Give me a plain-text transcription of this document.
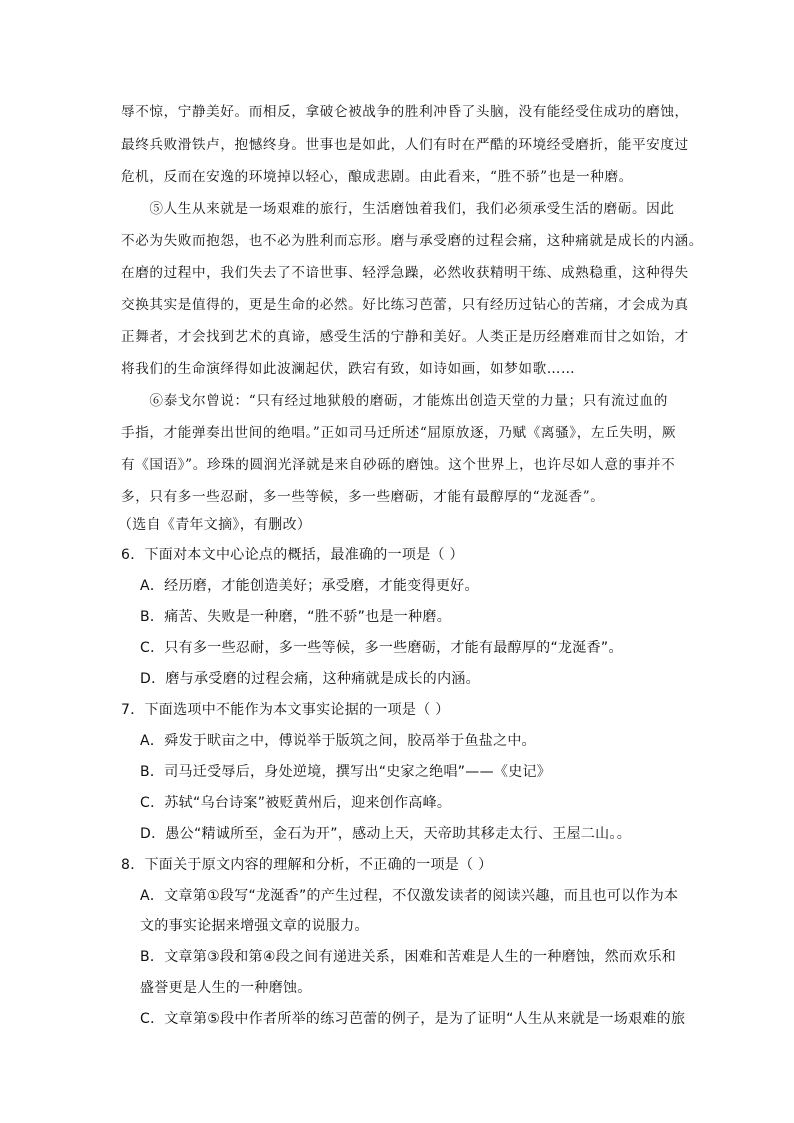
辱不惊，宁静美好。而相反，拿破仑被战争的胜利冲昏了头脑，没有能经受住成功的磨蚀，
最终兵败滑铁卢，抱憾终身。世事也是如此，人们有时在严酷的环境经受磨折，能平安度过
危机，反而在安逸的环境掉以轻心，酿成悲剧。由此看来，“胜不骄”也是一种磨。
　　⑤人生从来就是一场艰难的旅行，生活磨蚀着我们，我们必须承受生活的磨砺。因此
不必为失败而抱怨，也不必为胜利而忘形。磨与承受磨的过程会痛，这种痛就是成长的内涵。
在磨的过程中，我们失去了不谙世事、轻浮急躁，必然收获精明干练、成熟稳重，这种得失
交换其实是值得的，更是生命的必然。好比练习芭蕾，只有经历过钻心的苦痛，才会成为真
正舞者，才会找到艺术的真谛，感受生活的宁静和美好。人类正是历经磨难而甘之如饴，才
将我们的生命演绎得如此波澜起伏，跌宕有致，如诗如画，如梦如歌……
　　⑥泰戈尔曾说：“只有经过地狱般的磨砺，才能炼出创造天堂的力量；只有流过血的
手指，才能弹奏出世间的绝唱。”正如司马迁所述“屈原放逐，乃赋《离骚》，左丘失明，厥
有《国语》”。珍珠的圆润光泽就是来自砂砾的磨蚀。这个世界上，也许尽如人意的事并不
多，只有多一些忍耐，多一些等候，多一些磨砺，才能有最醇厚的“龙涎香”。
（选自《青年文摘》，有删改）
6．下面对本文中心论点的概括，最准确的一项是（ ）
A．经历磨，才能创造美好；承受磨，才能变得更好。
B．痛苦、失败是一种磨，“胜不骄”也是一种磨。
C．只有多一些忍耐，多一些等候，多一些磨砺，才能有最醇厚的“龙涎香”。
D．磨与承受磨的过程会痛，这种痛就是成长的内涵。
7．下面选项中不能作为本文事实论据的一项是（ ）
A．舜发于畎亩之中，傅说举于版筑之间，胶鬲举于鱼盐之中。
B．司马迁受辱后，身处逆境，撰写出“史家之绝唱”——《史记》
C．苏轼“乌台诗案”被贬黄州后，迎来创作高峰。
D．愚公“精诚所至，金石为开”，感动上天，天帝助其移走太行、王屋二山。。
8．下面关于原文内容的理解和分析，不正确的一项是（ ）
A．文章第①段写“龙涎香”的产生过程，不仅激发读者的阅读兴趣，而且也可以作为本
文的事实论据来增强文章的说服力。
B．文章第③段和第④段之间有递进关系，困难和苦难是人生的一种磨蚀，然而欢乐和
盛誉更是人生的一种磨蚀。
C．文章第⑤段中作者所举的练习芭蕾的例子，是为了证明“人生从来就是一场艰难的旅
